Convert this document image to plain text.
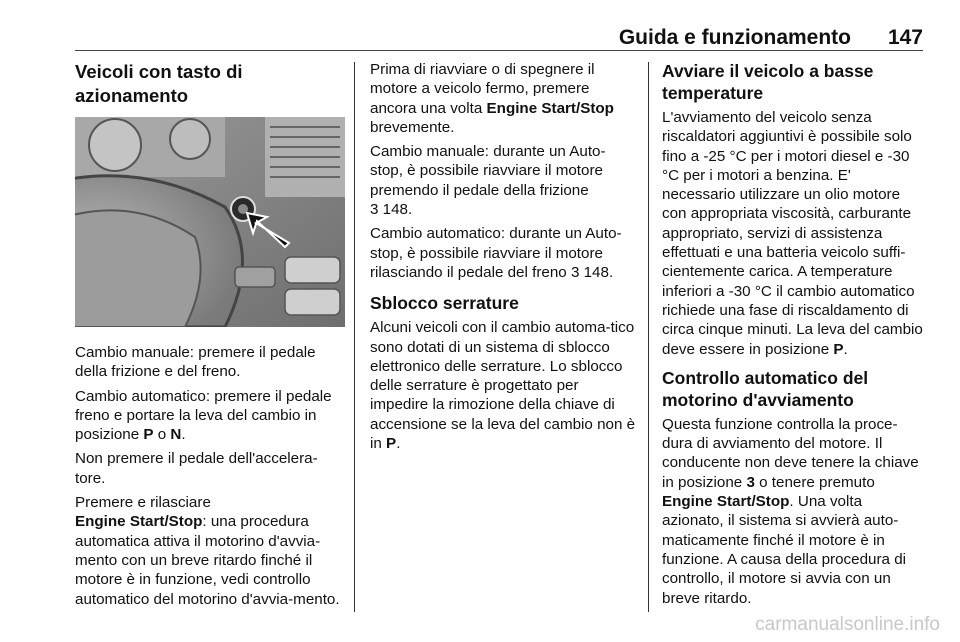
Guida e funzionamento 147
Veicoli con tasto di azionamento

Cambio manuale: premere il pedale della frizione e del freno.

Cambio automatico: premere il pedale freno e portare la leva del cambio in posizione P o N.

Non premere il pedale dell'accelera-tore.

Premere e rilasciare
Engine Start/Stop: una procedura automatica attiva il motorino d'avvia-mento con un breve ritardo finché il motore è in funzione, vedi controllo automatico del motorino d'avvia-mento.

Prima di riavviare o di spegnere il motore a veicolo fermo, premere ancora una volta Engine Start/Stop brevemente.

Cambio manuale: durante un Auto-stop, è possibile riavviare il motore premendo il pedale della frizione
3 148.

Cambio automatico: durante un Auto-stop, è possibile riavviare il motore rilasciando il pedale del freno 3 148.

Sblocco serrature

Alcuni veicoli con il cambio automa-tico sono dotati di un sistema di sblocco elettronico delle serrature. Lo sblocco delle serrature è progettato per impedire la rimozione della chiave di accensione se la leva del cambio non è in P.

Avviare il veicolo a basse temperature

L'avviamento del veicolo senza riscaldatori aggiuntivi è possibile solo fino a -25 °C per i motori diesel e -30 °C per i motori a benzina. E' necessario utilizzare un olio motore con appropriata viscosità, carburante appropriato, servizi di assistenza effettuati e una batteria veicolo suffi-cientemente carica. A temperature inferiori a -30 °C il cambio automatico richiede una fase di riscaldamento di circa cinque minuti. La leva del cambio deve essere in posizione P.

Controllo automatico del motorino d'avviamento

Questa funzione controlla la proce-dura di avviamento del motore. Il conducente non deve tenere la chiave in posizione 3 o tenere premuto Engine Start/Stop. Una volta azionato, il sistema si avvierà auto-maticamente finché il motore è in funzione. A causa della procedura di controllo, il motore si avvia con un breve ritardo.

carmanualsonline.info
